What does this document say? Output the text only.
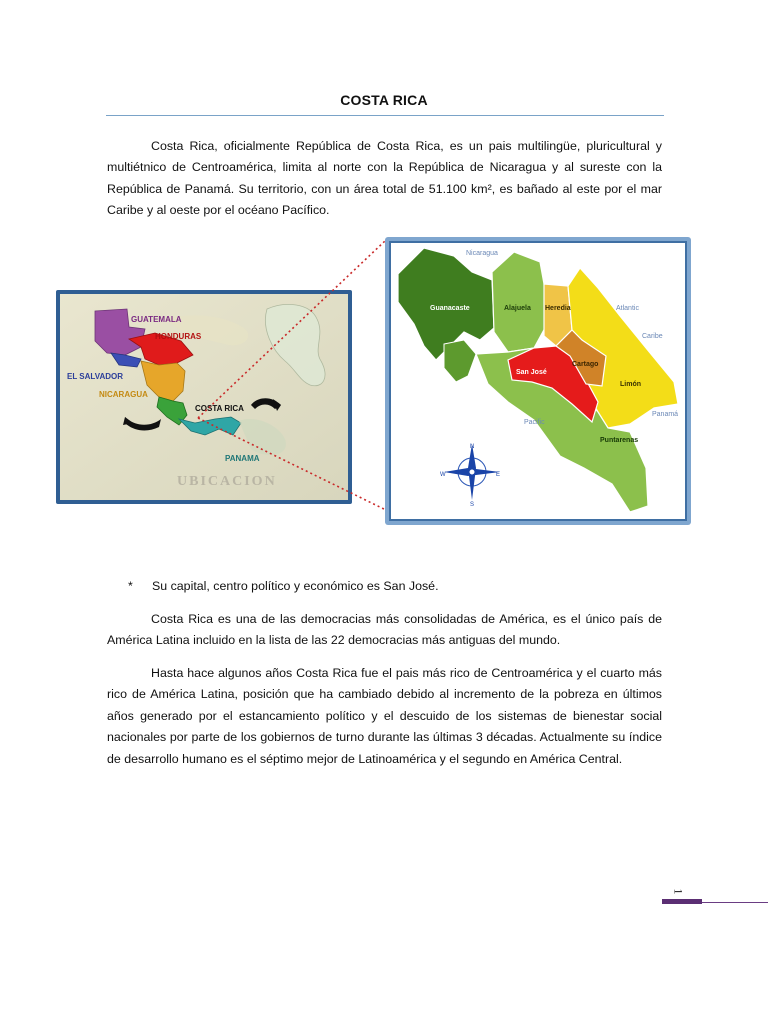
COSTA RICA

Costa Rica, oficialmente República de Costa Rica, es un pais multilingüe, pluricultural y multiétnico de Centroamérica, limita al norte con la República de Nicaragua y al sureste con la República de Panamá. Su territorio, con un área total de 51.100 km², es bañado al este por el mar Caribe y al oeste por el océano Pacífico.

GUATEMALA
HONDURAS
EL SALVADOR
NICARAGUA
COSTA RICA
PANAMA
UBICACION
Nicaragua
Guanacaste	Alajuela Heredia	Atlantic
Caribe
San José
Cartago
Limón
Panamá
Pacific
Puntarenas
N
S
E
W
* Su capital, centro político y económico es San José.

Costa Rica es una de las democracias más consolidadas de América, es el único país de América Latina incluido en la lista de las 22 democracias más antiguas del mundo.

Hasta hace algunos años Costa Rica fue el pais más rico de Centroamérica y el cuarto más rico de América Latina, posición que ha cambiado debido al incremento de la pobreza en últimos años generado por el estancamiento político y el descuido de los sistemas de bienestar social nacionales por parte de los gobiernos de turno durante las últimas 3 décadas. Actualmente su índice de desarrollo humano es el séptimo mejor de Latinoamérica y el segundo en América Central.

1
